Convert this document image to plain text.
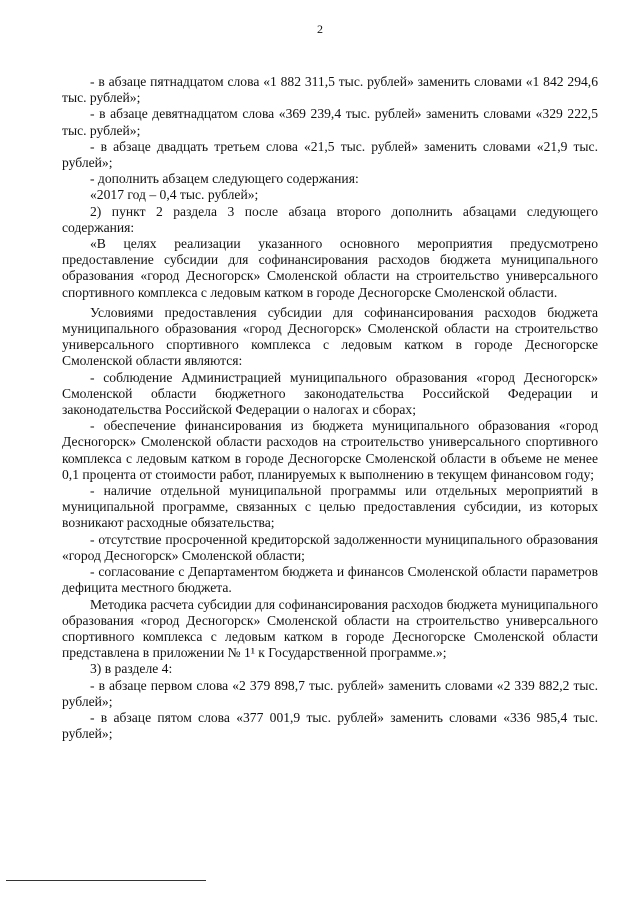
2

- в абзаце пятнадцатом слова «1 882 311,5 тыс. рублей» заменить словами «1 842 294,6 тыс. рублей»;

- в абзаце девятнадцатом слова «369 239,4 тыс. рублей» заменить словами «329 222,5 тыс. рублей»;

- в абзаце двадцать третьем слова «21,5 тыс. рублей» заменить словами «21,9 тыс. рублей»;

- дополнить абзацем следующего содержания:

«2017 год – 0,4 тыс. рублей»;

2) пункт 2 раздела 3 после абзаца второго дополнить абзацами следующего содержания:

«В целях реализации указанного основного мероприятия предусмотрено предоставление субсидии для софинансирования расходов бюджета муниципального образования «город Десногорск» Смоленской области на строительство универсального спортивного комплекса с ледовым катком в городе Десногорске Смоленской области.

Условиями предоставления субсидии для софинансирования расходов бюджета муниципального образования «город Десногорск» Смоленской области на строительство универсального спортивного комплекса с ледовым катком в городе Десногорске Смоленской области являются:

- соблюдение Администрацией муниципального образования «город Десногорск» Смоленской области бюджетного законодательства Российской Федерации и законодательства Российской Федерации о налогах и сборах;

- обеспечение финансирования из бюджета муниципального образования «город Десногорск» Смоленской области расходов на строительство универсального спортивного комплекса с ледовым катком в городе Десногорске Смоленской области в объеме не менее 0,1 процента от стоимости работ, планируемых к выполнению в текущем финансовом году;

- наличие отдельной муниципальной программы или отдельных мероприятий в муниципальной программе, связанных с целью предоставления субсидии, из которых возникают расходные обязательства;

- отсутствие просроченной кредиторской задолженности муниципального образования «город Десногорск» Смоленской области;

- согласование с Департаментом бюджета и финансов Смоленской области параметров дефицита местного бюджета.

Методика расчета субсидии для софинансирования расходов бюджета муниципального образования «город Десногорск» Смоленской области на строительство универсального спортивного комплекса с ледовым катком в городе Десногорске Смоленской области представлена в приложении № 1¹ к Государственной программе.»;

3) в разделе 4:

- в абзаце первом слова «2 379 898,7 тыс. рублей» заменить словами «2 339 882,2 тыс. рублей»;

- в абзаце пятом слова «377 001,9 тыс. рублей» заменить словами «336 985,4 тыс. рублей»;
